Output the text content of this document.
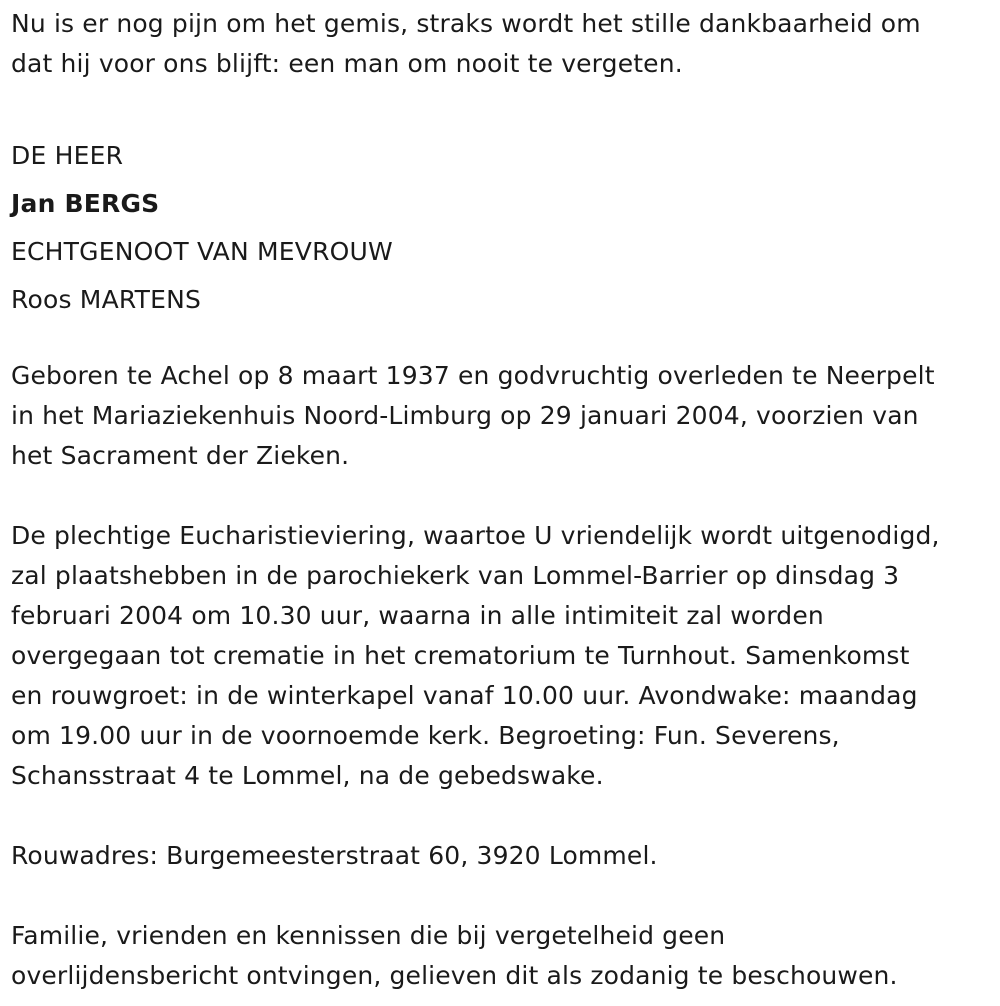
Nu is er nog pijn om het gemis, straks wordt het stille dankbaarheid om
dat hij voor ons blijft: een man om nooit te vergeten.

DE HEER
Jan BERGS
ECHTGENOOT VAN MEVROUW
Roos MARTENS

Geboren te Achel op 8 maart 1937 en godvruchtig overleden te Neerpelt
in het Mariaziekenhuis Noord-Limburg op 29 januari 2004, voorzien van
het Sacrament der Zieken.

De plechtige Eucharistieviering, waartoe U vriendelijk wordt uitgenodigd,
zal plaatshebben in de parochiekerk van Lommel-Barrier op dinsdag 3
februari 2004 om 10.30 uur, waarna in alle intimiteit zal worden
overgegaan tot crematie in het crematorium te Turnhout. Samenkomst
en rouwgroet: in de winterkapel vanaf 10.00 uur. Avondwake: maandag
om 19.00 uur in de voornoemde kerk. Begroeting: Fun. Severens,
Schansstraat 4 te Lommel, na de gebedswake.

Rouwadres: Burgemeesterstraat 60, 3920 Lommel.

Familie, vrienden en kennissen die bij vergetelheid geen
overlijdensbericht ontvingen, gelieven dit als zodanig te beschouwen.
